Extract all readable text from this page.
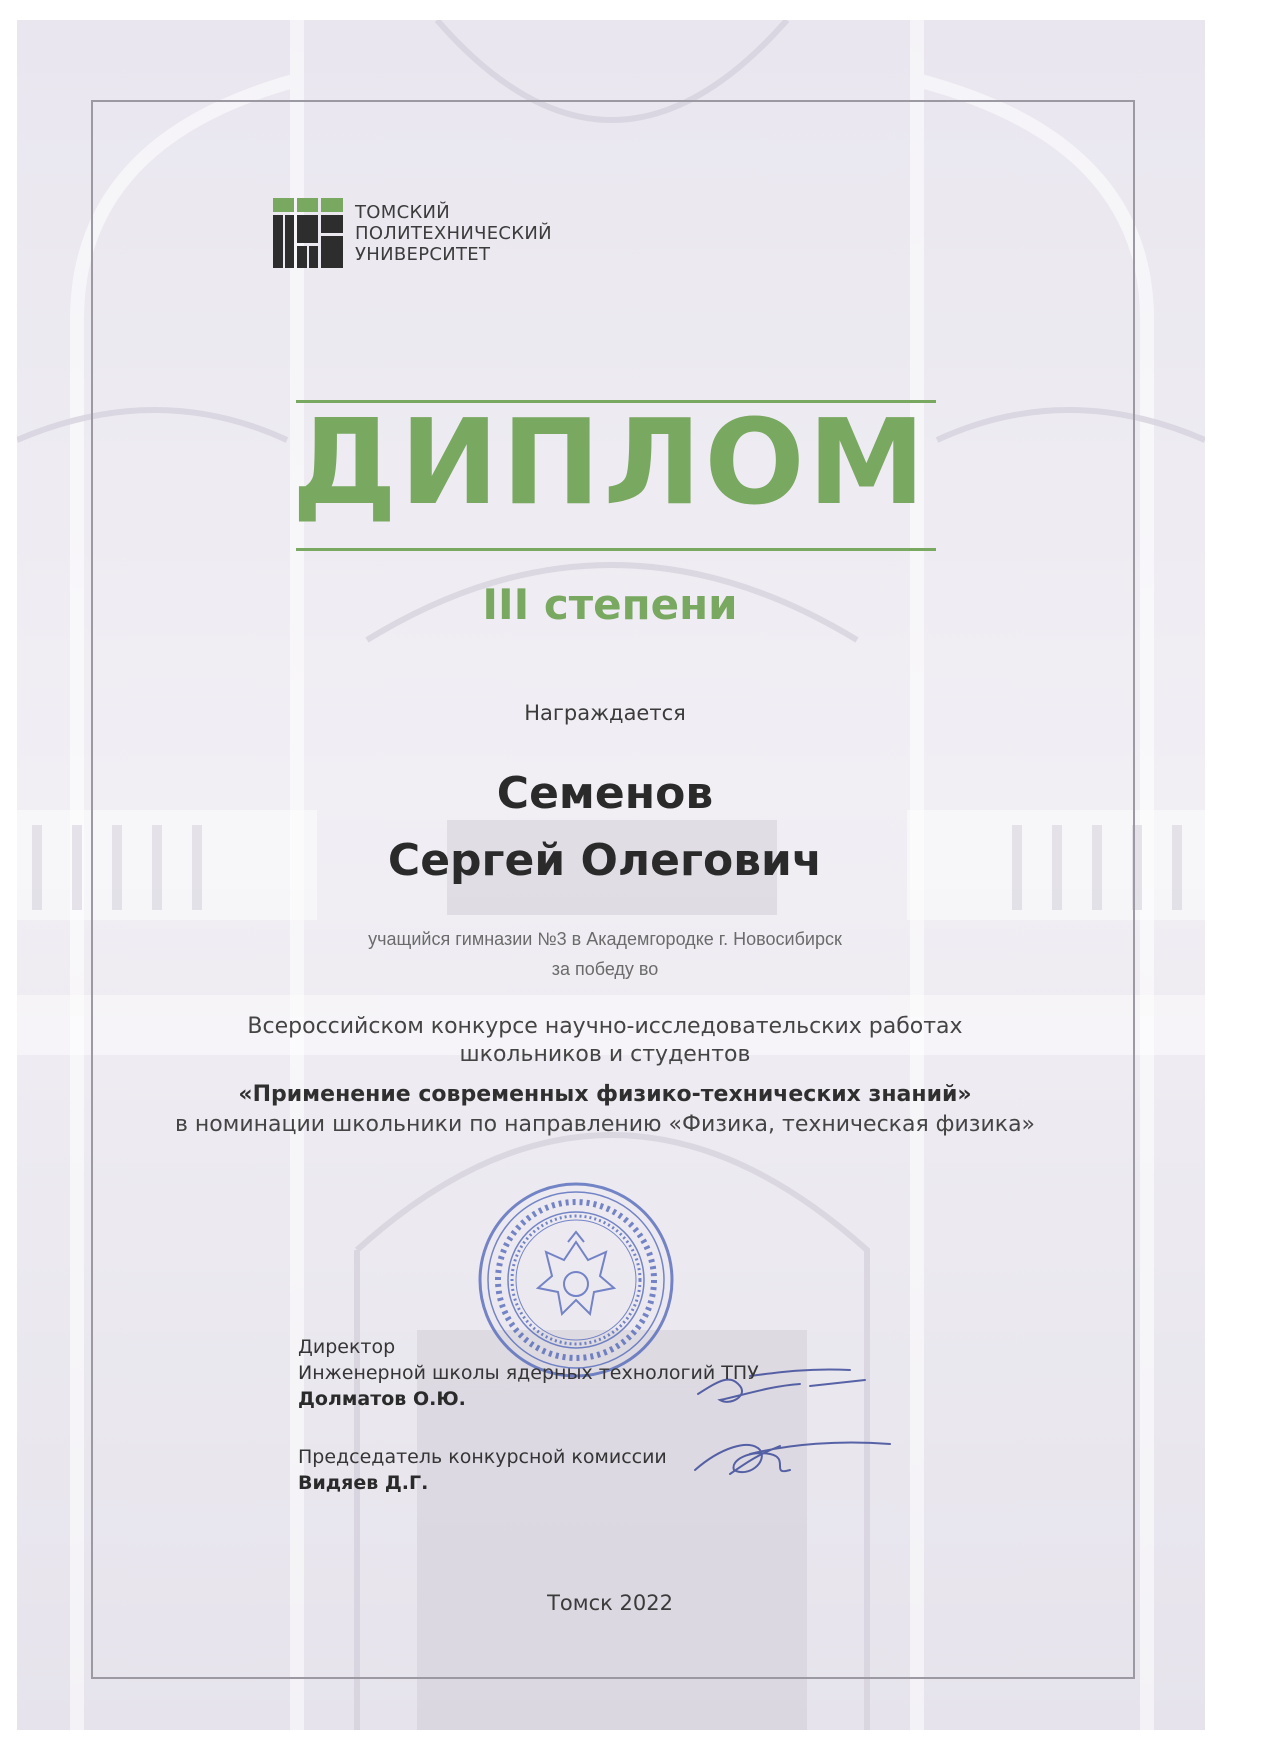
ТОМСКИЙ
ПОЛИТЕХНИЧЕСКИЙ
УНИВЕРСИТЕТ
ДИПЛОМ
III степени
Награждается
Семенов
Сергей Олегович
учащийся гимназии №3 в Академгородке г. Новосибирск
за победу во
Всероссийском конкурсе научно-исследовательских работах
школьников и студентов
«Применение современных физико-технических знаний»
в номинации школьники по направлению «Физика, техническая физика»
Директор
Инженерной школы ядерных технологий ТПУ
Долматов О.Ю.
Председатель конкурсной комиссии
Видяев Д.Г.
Томск 2022
